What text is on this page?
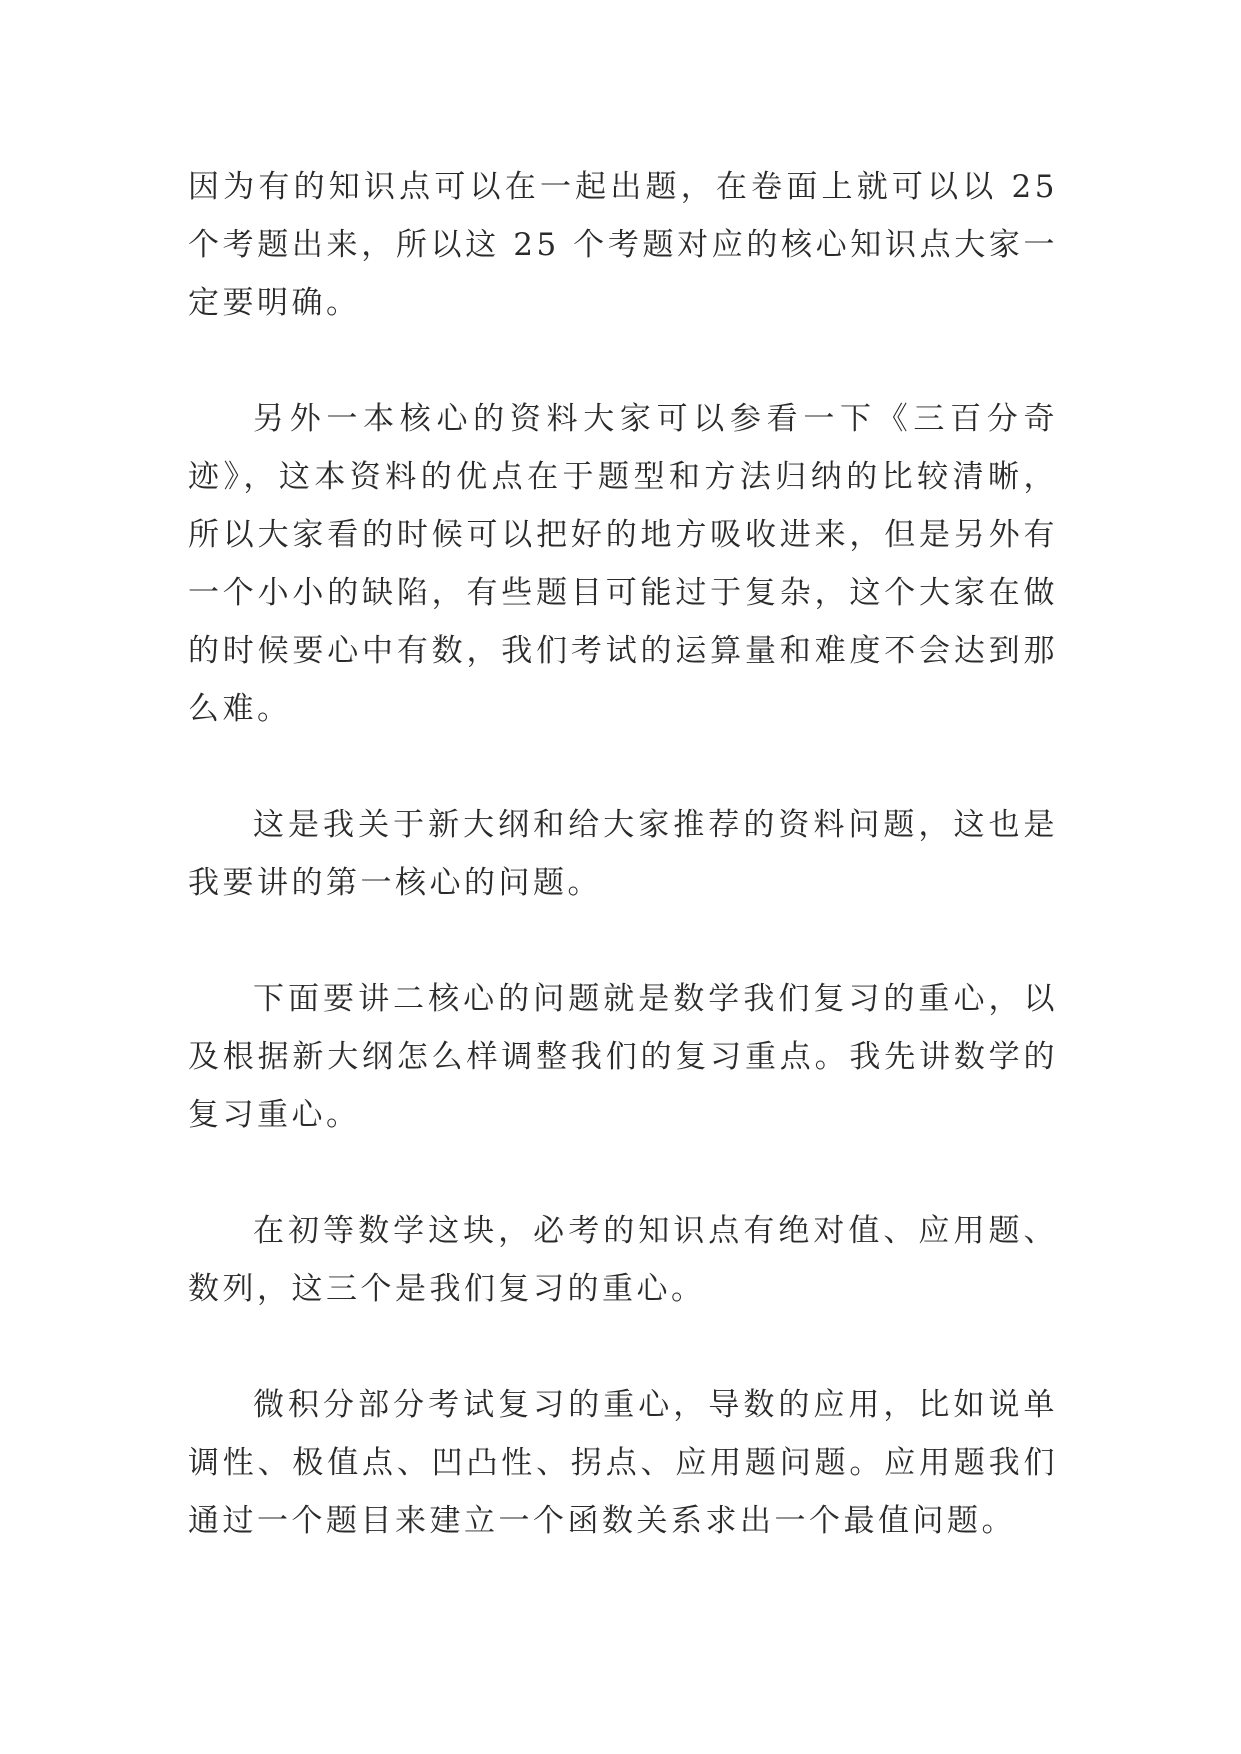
因为有的知识点可以在一起出题，在卷面上就可以以 25 个考题出来，所以这 25 个考题对应的核心知识点大家一定要明确。

另外一本核心的资料大家可以参看一下《三百分奇迹》，这本资料的优点在于题型和方法归纳的比较清晰，所以大家看的时候可以把好的地方吸收进来，但是另外有一个小小的缺陷，有些题目可能过于复杂，这个大家在做的时候要心中有数，我们考试的运算量和难度不会达到那么难。

这是我关于新大纲和给大家推荐的资料问题，这也是我要讲的第一核心的问题。

下面要讲二核心的问题就是数学我们复习的重心，以及根据新大纲怎么样调整我们的复习重点。我先讲数学的复习重心。

在初等数学这块，必考的知识点有绝对值、应用题、数列，这三个是我们复习的重心。

微积分部分考试复习的重心，导数的应用，比如说单调性、极值点、凹凸性、拐点、应用题问题。应用题我们通过一个题目来建立一个函数关系求出一个最值问题。
